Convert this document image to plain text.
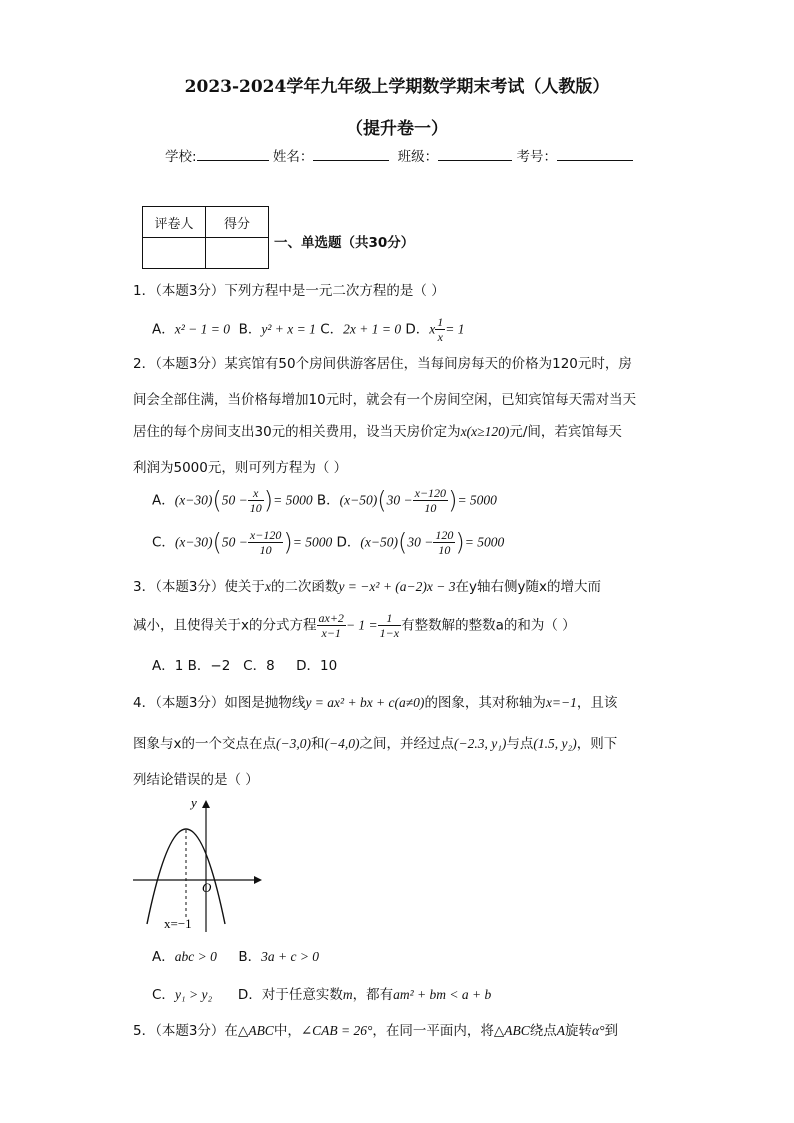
2023-2024学年九年级上学期数学期末考试（人教版）
（提升卷一）
学校:	姓名：	班级：	考号：
评卷人	得分

一、单选题（共30分）
1．（本题3分）下列方程中是一元二次方程的是（ ）
A．x² − 1 = 0 B．y² + x = 1 C．2x + 1 = 0 D．x $\frac{1}{x} = 1$
2．（本题3分）某宾馆有50个房间供游客居住，当每间房每天的价格为120元时，房
间会全部住满，当价格每增加10元时，就会有一个房间空闲，已知宾馆每天需对当天
居住的每个房间支出30元的相关费用，设当天房价定为x(x≥120)元/间，若宾馆每天
利润为5000元，则可列方程为（ ）
A．$(x-30)(50 - \frac{x}{10}$ )= 5000 B．$(x-50)(30 - \frac{x-120}{10}$ )= 5000
C．$(x-30)(50 - \frac{x-120}{10}$ )= 5000 D．$(x-50)(30 - \frac{120}{10}$ )= 5000
3．（本题3分）使关于x的二次函数y = −x² + (a−2)x − 3在y轴右侧y随x的增大而
减小，且使得关于x的分式方程 $\frac{ax+2}{x-1} - 1 = \frac{1}{1-x}$ 有整数解的整数a的和为（ ）
A．1 B．−2   C．8     D．10
4．（本题3分）如图是抛物线y = ax² + bx + c(a≠0)的图象，其对称轴为x=−1，且该
图象与x的一个交点在点(−3,0)和(−4,0)之间，并经过点(−2.3, y₁)与点(1.5, y₂)，则下
列结论错误的是（ ）
y
O
x=−1
A．abc > 0 B．3a + c > 0
C．y₁ > y₂ D．对于任意实数m，都有am² + bm < a + b
5．（本题3分）在△ABC中，∠CAB = 26°，在同一平面内，将△ABC绕点A旋转α°到
